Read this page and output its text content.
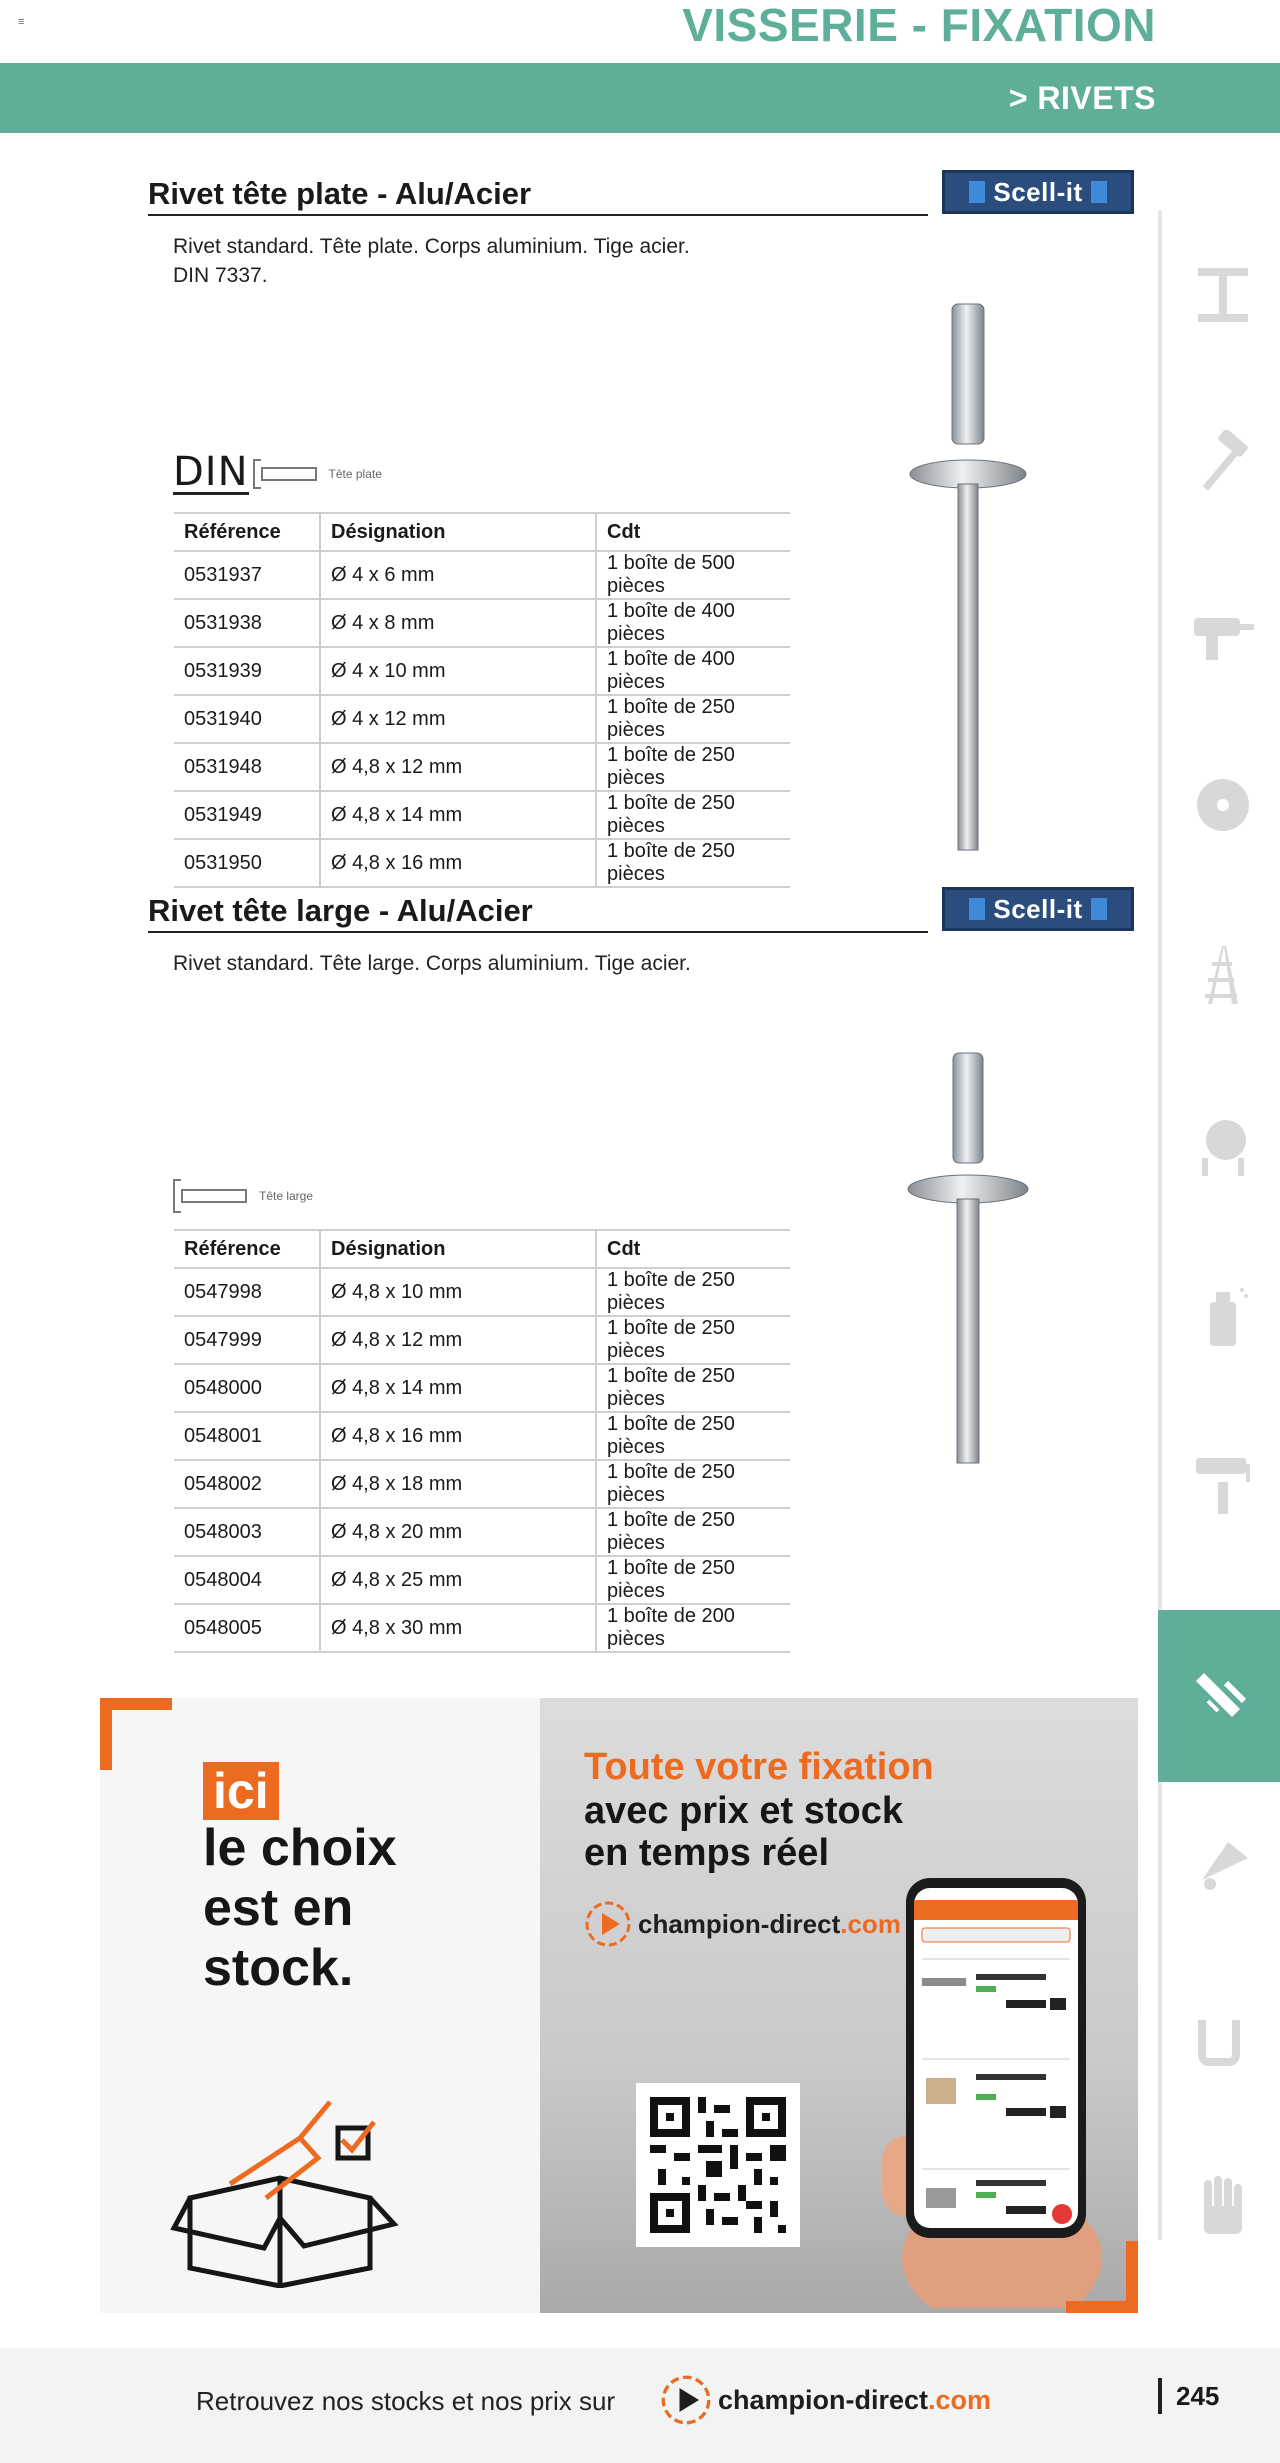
≡	VISSERIE - FIXATION
> RIVETS
Rivet tête plate - Alu/Acier	Scell-it
Rivet standard. Tête plate. Corps aluminium. Tige acier.
DIN 7337.
DIN	Tête plate
Référence	Désignation	Cdt
0531937	Ø 4 x 6 mm	1 boîte de 500 pièces
0531938	Ø 4 x 8 mm	1 boîte de 400 pièces
0531939	Ø 4 x 10 mm	1 boîte de 400 pièces
0531940	Ø 4 x 12 mm	1 boîte de 250 pièces
0531948	Ø 4,8 x 12 mm	1 boîte de 250 pièces
0531949	Ø 4,8 x 14 mm	1 boîte de 250 pièces
0531950	Ø 4,8 x 16 mm	1 boîte de 250 pièces
Rivet tête large - Alu/Acier	Scell-it
Rivet standard. Tête large. Corps aluminium. Tige acier.
Tête large
Référence	Désignation	Cdt
0547998	Ø 4,8 x 10 mm	1 boîte de 250 pièces
0547999	Ø 4,8 x 12 mm	1 boîte de 250 pièces
0548000	Ø 4,8 x 14 mm	1 boîte de 250 pièces
0548001	Ø 4,8 x 16 mm	1 boîte de 250 pièces
0548002	Ø 4,8 x 18 mm	1 boîte de 250 pièces
0548003	Ø 4,8 x 20 mm	1 boîte de 250 pièces
0548004	Ø 4,8 x 25 mm	1 boîte de 250 pièces
0548005	Ø 4,8 x 30 mm	1 boîte de 200 pièces
ici
le choix
est en
stock.
Toute votre fixation
avec prix et stock
en temps réel
champion-direct.com
Retrouvez nos stocks et nos prix sur	champion-direct.com	245
